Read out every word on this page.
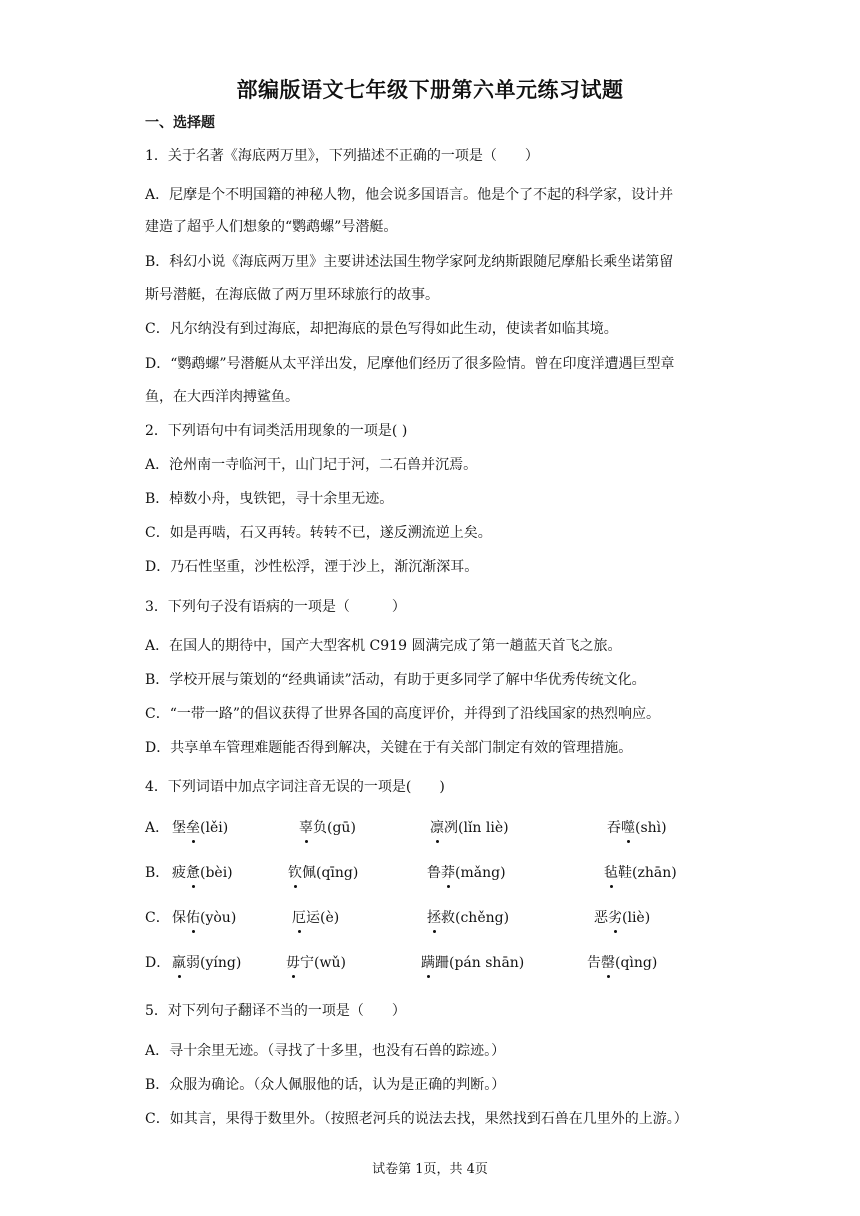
部编版语文七年级下册第六单元练习试题
一、选择题
1．关于名著《海底两万里》，下列描述不正确的一项是（　　）
A．尼摩是个不明国籍的神秘人物，他会说多国语言。他是个了不起的科学家，设计并
建造了超乎人们想象的“鹦鹉螺”号潜艇。
B．科幻小说《海底两万里》主要讲述法国生物学家阿龙纳斯跟随尼摩船长乘坐诺第留
斯号潜艇，在海底做了两万里环球旅行的故事。
C．凡尔纳没有到过海底，却把海底的景色写得如此生动，使读者如临其境。
D．“鹦鹉螺”号潜艇从太平洋出发，尼摩他们经历了很多险情。曾在印度洋遭遇巨型章
鱼，在大西洋肉搏鲨鱼。
2．下列语句中有词类活用现象的一项是( )
A．沧州南一寺临河干，山门圮于河，二石兽并沉焉。
B．棹数小舟，曳铁钯，寻十余里无迹。
C．如是再啮，石又再转。转转不已，遂反溯流逆上矣。
D．乃石性坚重，沙性松浮，湮于沙上，渐沉渐深耳。
3．下列句子没有语病的一项是（　　　）
A．在国人的期待中，国产大型客机 C919 圆满完成了第一趟蓝天首飞之旅。
B．学校开展与策划的“经典诵读”活动，有助于更多同学了解中华优秀传统文化。
C．“一带一路”的倡议获得了世界各国的高度评价，并得到了沿线国家的热烈响应。
D．共享单车管理难题能否得到解决，关键在于有关部门制定有效的管理措施。
4．下列词语中加点字词注音无误的一项是(　　)
A． 堡垒(lěi)	辜负(gū)	凛冽(lǐn liè)	吞噬(shì)
B． 疲惫(bèi)	钦佩(qīng)	鲁莽(mǎng)	毡鞋(zhān)
C． 保佑(yòu)	厄运(è)	拯救(chěng)	恶劣(liè)
D． 羸弱(yíng)	毋宁(wǔ)	蹒跚(pán shān)	告罄(qìng)
5．对下列句子翻译不当的一项是（　　）
A．寻十余里无迹。（寻找了十多里，也没有石兽的踪迹。）
B．众服为确论。（众人佩服他的话，认为是正确的判断。）
C．如其言，果得于数里外。（按照老河兵的说法去找，果然找到石兽在几里外的上游。）
试卷第 1页，共 4页
